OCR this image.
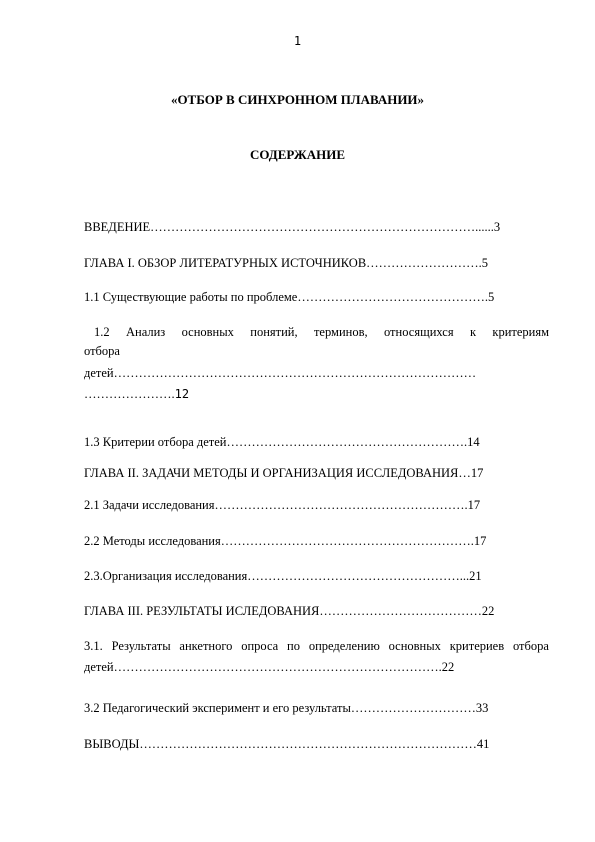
1
«ОТБОР В СИНХРОННОМ ПЛАВАНИИ»
СОДЕРЖАНИЕ
ВВЕДЕНИЕ……………………………………………………………………......3
ГЛАВА I. ОБЗОР ЛИТЕРАТУРНЫХ ИСТОЧНИКОВ……………………….5
1.1 Существующие работы по проблеме……………………………………….5
1.2 Анализ основных понятий, терминов, относящихся к критериям
отбора
детей……………………………………………………………………………
………………….12
1.3 Критерии отбора детей………………………………………………….14
ГЛАВА II. ЗАДАЧИ МЕТОДЫ И ОРГАНИЗАЦИЯ ИССЛЕДОВАНИЯ…17
2.1 Задачи исследования…………………………………………………….17
2.2 Методы исследования…………………………………………………….17
2.3.Организация исследования……………………………………………...21
ГЛАВА III. РЕЗУЛЬТАТЫ ИСЛЕДОВАНИЯ…………………………………22
3.1. Результаты анкетного опроса по определению основных критериев отбора
детей…………………………………………………………………….22
3.2 Педагогический эксперимент и его результаты…………………………33
ВЫВОДЫ………………………………………………………………………41
